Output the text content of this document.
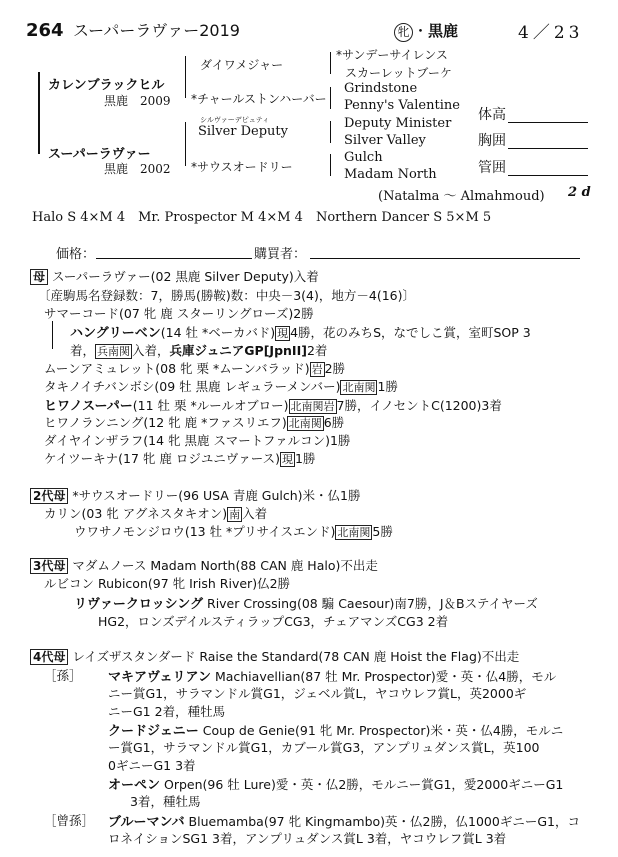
264 スーパーラヴァー2019	牝 ・黒鹿	4／23
カレンブラックヒル
黒鹿　 2009
スーパーラヴァー
黒鹿　 2002
ダイワメジャー
*チャールストンハーバー
シルヴァーデピュティ
Silver Deputy
*サウスオードリー
*サンデーサイレンス
スカーレットブーケ
Grindstone
Penny's Valentine
Deputy Minister
Silver Valley
Gulch
Madam North
体高
胸囲
管囲
(Natalma ～ Almahmoud) 2 d
Halo S 4×M 4　Mr. Prospector M 4×M 4　Northern Dancer S 5×M 5
価格：	購買者：
母 スーパーラヴァー(02 黒鹿 Silver Deputy)入着
〔産駒馬名登録数：7，勝馬(勝鞍)数：中央－3(4)，地方－4(16)〕
サマーコード(07 牝 鹿 スターリングローズ)2勝
ハングリーベン(14 牡 *ベーカバド) 現 4勝，花のみちS，なでしこ賞，室町SOP 3
着， 兵南関 入着，兵庫ジュニアGP[JpnII]2着
ムーンアミュレット(08 牝 栗 *ムーンバラッド) 岩 2勝
タキノイチバンボシ(09 牡 黒鹿 レギュラーメンバー) 北南関 1勝
ヒワノスーパー(11 牡 栗 *ルールオブロー) 北南関岩 7勝，イノセントC(1200)3着
ヒワノランニング(12 牝 鹿 *ファスリエフ) 北南関 6勝
ダイヤインザラフ(14 牝 黒鹿 スマートファルコン)1勝
ケイツーキナ(17 牝 鹿 ロジユニヴァース) 現 1勝
2代母 *サウスオードリー(96 USA 青鹿 Gulch)米・仏1勝
カリン(03 牝 アグネスタキオン) 南 入着
ウワサノモンジロウ(13 牡 *プリサイスエンド) 北南関 5勝
3代母 マダムノース Madam North(88 CAN 鹿 Halo)不出走
ルビコン Rubicon(97 牝 Irish River)仏2勝
リヴァークロッシング River Crossing(08 騸 Caesour)南7勝，J＆Bステイヤーズ
HG2，ロンズデイルスティラップCG3，チェアマンズCG3 2着
4代母 レイズザスタンダード Raise the Standard(78 CAN 鹿 Hoist the Flag)不出走
［孫］ マキアヴェリアン Machiavellian(87 牡 Mr. Prospector)愛・英・仏4勝，モル
ニー賞G1，サラマンドル賞G1，ジェベル賞L，ヤコウレフ賞L，英2000ギ
ニーG1 2着，種牡馬
クードジェニー Coup de Genie(91 牝 Mr. Prospector)米・英・仏4勝，モルニ
ー賞G1，サラマンドル賞G1，カブール賞G3，アンプリュダンス賞L，英100
0ギニーG1 3着
オーペン Orpen(96 牡 Lure)愛・英・仏2勝，モルニー賞G1，愛2000ギニーG1
3着，種牡馬
［曾孫］ ブルーマンバ Bluemamba(97 牝 Kingmambo)英・仏2勝，仏1000ギニーG1，コ
ロネイションSG1 3着，アンプリュダンス賞L 3着，ヤコウレフ賞L 3着
